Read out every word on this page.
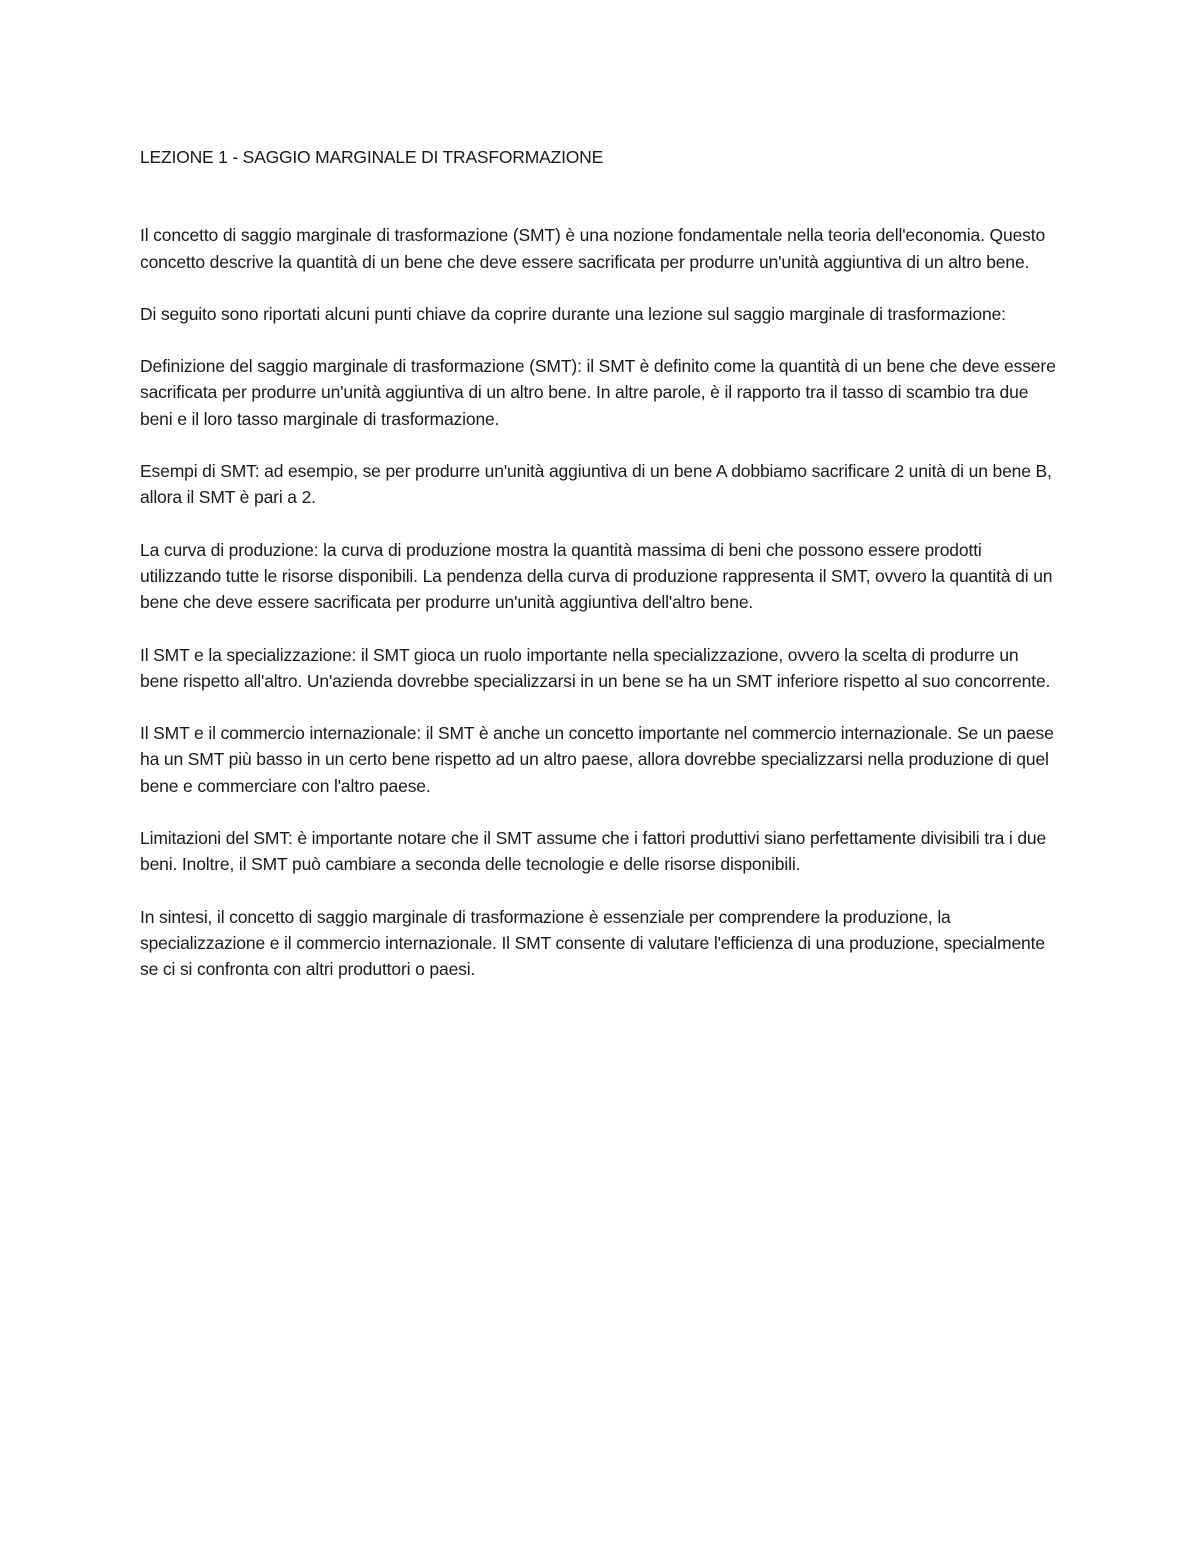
LEZIONE 1 - SAGGIO MARGINALE DI TRASFORMAZIONE

Il concetto di saggio marginale di trasformazione (SMT) è una nozione fondamentale nella teoria dell'economia. Questo concetto descrive la quantità di un bene che deve essere sacrificata per produrre un'unità aggiuntiva di un altro bene.

Di seguito sono riportati alcuni punti chiave da coprire durante una lezione sul saggio marginale di trasformazione:

Definizione del saggio marginale di trasformazione (SMT): il SMT è definito come la quantità di un bene che deve essere sacrificata per produrre un'unità aggiuntiva di un altro bene. In altre parole, è il rapporto tra il tasso di scambio tra due beni e il loro tasso marginale di trasformazione.

Esempi di SMT: ad esempio, se per produrre un'unità aggiuntiva di un bene A dobbiamo sacrificare 2 unità di un bene B, allora il SMT è pari a 2.

La curva di produzione: la curva di produzione mostra la quantità massima di beni che possono essere prodotti utilizzando tutte le risorse disponibili. La pendenza della curva di produzione rappresenta il SMT, ovvero la quantità di un bene che deve essere sacrificata per produrre un'unità aggiuntiva dell'altro bene.

Il SMT e la specializzazione: il SMT gioca un ruolo importante nella specializzazione, ovvero la scelta di produrre un bene rispetto all'altro. Un'azienda dovrebbe specializzarsi in un bene se ha un SMT inferiore rispetto al suo concorrente.

Il SMT e il commercio internazionale: il SMT è anche un concetto importante nel commercio internazionale. Se un paese ha un SMT più basso in un certo bene rispetto ad un altro paese, allora dovrebbe specializzarsi nella produzione di quel bene e commerciare con l'altro paese.

Limitazioni del SMT: è importante notare che il SMT assume che i fattori produttivi siano perfettamente divisibili tra i due beni. Inoltre, il SMT può cambiare a seconda delle tecnologie e delle risorse disponibili.

In sintesi, il concetto di saggio marginale di trasformazione è essenziale per comprendere la produzione, la specializzazione e il commercio internazionale. Il SMT consente di valutare l'efficienza di una produzione, specialmente se ci si confronta con altri produttori o paesi.
